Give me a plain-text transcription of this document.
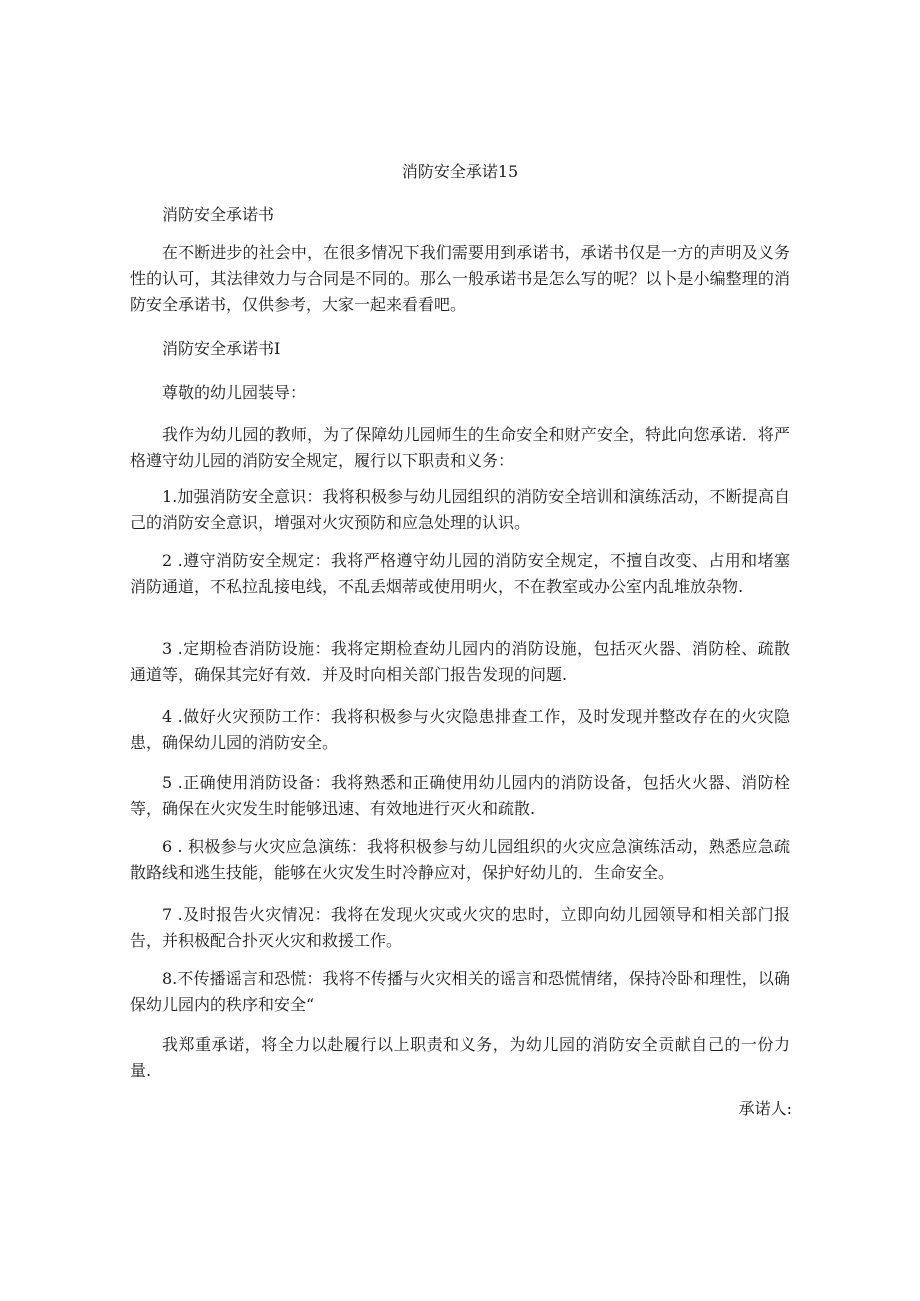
消防安全承诺15

消防安全承诺书

在不断进步的社会中，在很多情况下我们需要用到承诺书，承诺书仅是一方的声明及义务性的认可，其法律效力与合同是不同的。那么一般承诺书是怎么写的呢？以卜是小编整理的消防安全承诺书，仅供参考，大家一起来看看吧。

消防安全承诺书I

尊敬的幼儿园装导：

我作为幼儿园的教师，为了保障幼儿园师生的生命安全和财产安全，特此向您承诺．将严格遵守幼儿园的消防安全规定，履行以下职责和义务：

1.加强消防安全意识：我将积极参与幼儿园组织的消防安全培训和演练活动，不断提高自己的消防安全意识，增强对火灾预防和应急处理的认识。

2 .遵守消防安全规定：我将严格遵守幼儿园的消防安全规定，不擅自改变、占用和堵塞消防通道，不私拉乱接电线，不乱丢烟蒂或使用明火，不在教室或办公室内乱堆放杂物.

3 .定期检杳消防设施：我将定期检查幼儿园内的消防设施，包括灭火器、消防栓、疏散通道等，确保其完好有效．并及时向相关部门报告发现的问题.

4 .做好火灾预防工作：我将积极参与火灾隐患排查工作，及时发现并整改存在的火灾隐患，确保幼儿园的消防安全。

5 .正确使用消防设备：我将熟悉和正确使用幼儿园内的消防设备，包括火火器、消防栓等，确保在火灾发生时能够迅速、有效地进行灭火和疏散.

6 . 积极参与火灾应急演练：我将积极参与幼儿园组织的火灾应急演练活动，熟悉应急疏散路线和逃生技能，能够在火灾发生时冷静应对，保护好幼儿的．生命安全。

7 .及时报告火灾情况：我将在发现火灾或火灾的忠时，立即向幼儿园领导和相关部门报告，并积极配合扑灭火灾和救援工作。

8.不传播谣言和恐慌：我将不传播与火灾相关的谣言和恐慌情绪，保持冷卧和理性，以确保幼儿园内的秩序和安全“

我郑重承诺，将全力以赴履行以上职责和义务，为幼儿园的消防安全贡献自己的一份力量.

承诺人:
